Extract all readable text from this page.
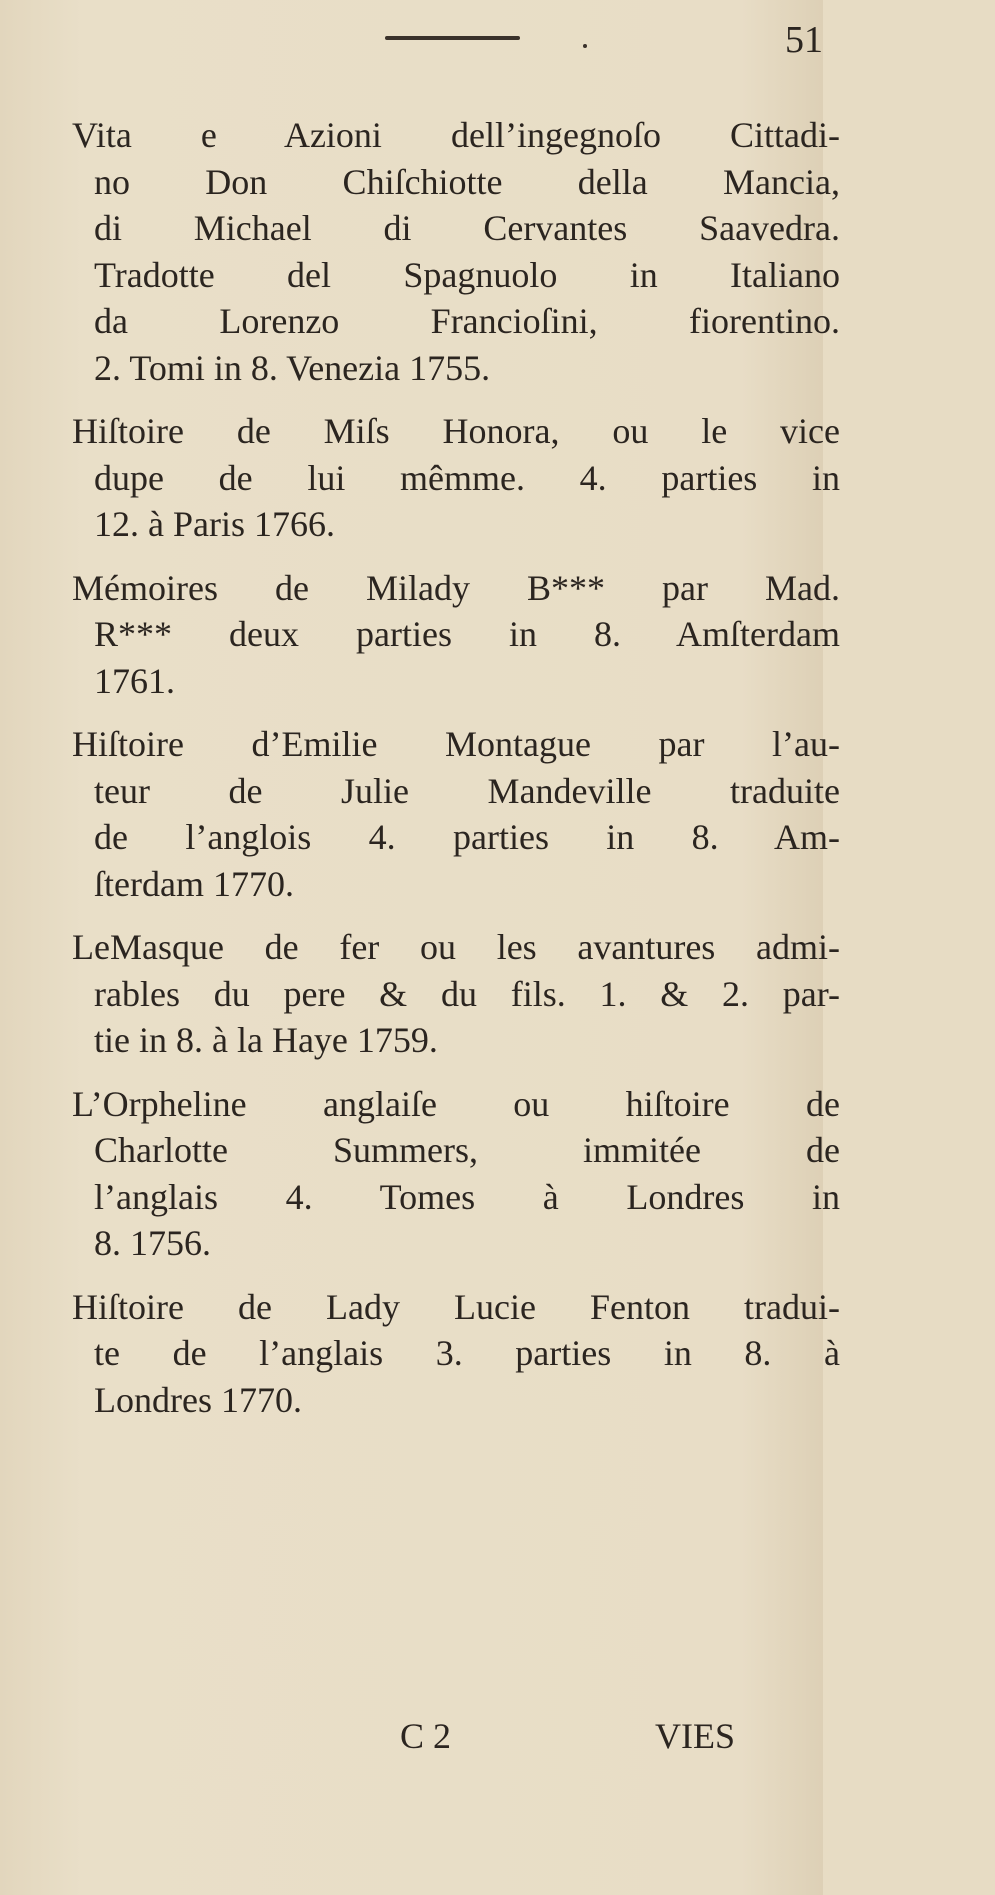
51
Vita e Azioni dell’ingegnoſo Cittadi-
no Don Chiſchiotte della Mancia,
di Michael di Cervantes Saavedra.
Tradotte del Spagnuolo in Italiano
da Lorenzo Francioſini, fiorentino.
2. Tomi in 8. Venezia 1755.
Hiſtoire de Miſs Honora, ou le vice
dupe de lui mêmme. 4. parties in
12. à Paris 1766.
Mémoires de Milady B*** par Mad.
R*** deux parties in 8. Amſterdam
1761.
Hiſtoire d’Emilie Montague par l’au-
teur de Julie Mandeville traduite
de l’anglois 4. parties in 8. Am-
ſterdam 1770.
LeMasque de fer ou les avantures admi-
rables du pere & du fils. 1. & 2. par-
tie in 8. à la Haye 1759.
L’Orpheline anglaiſe ou hiſtoire de
Charlotte Summers, immitée de
l’anglais 4. Tomes à Londres in
8. 1756.
Hiſtoire de Lady Lucie Fenton tradui-
te de l’anglais 3. parties in 8. à
Londres 1770.
C 2	VIES
